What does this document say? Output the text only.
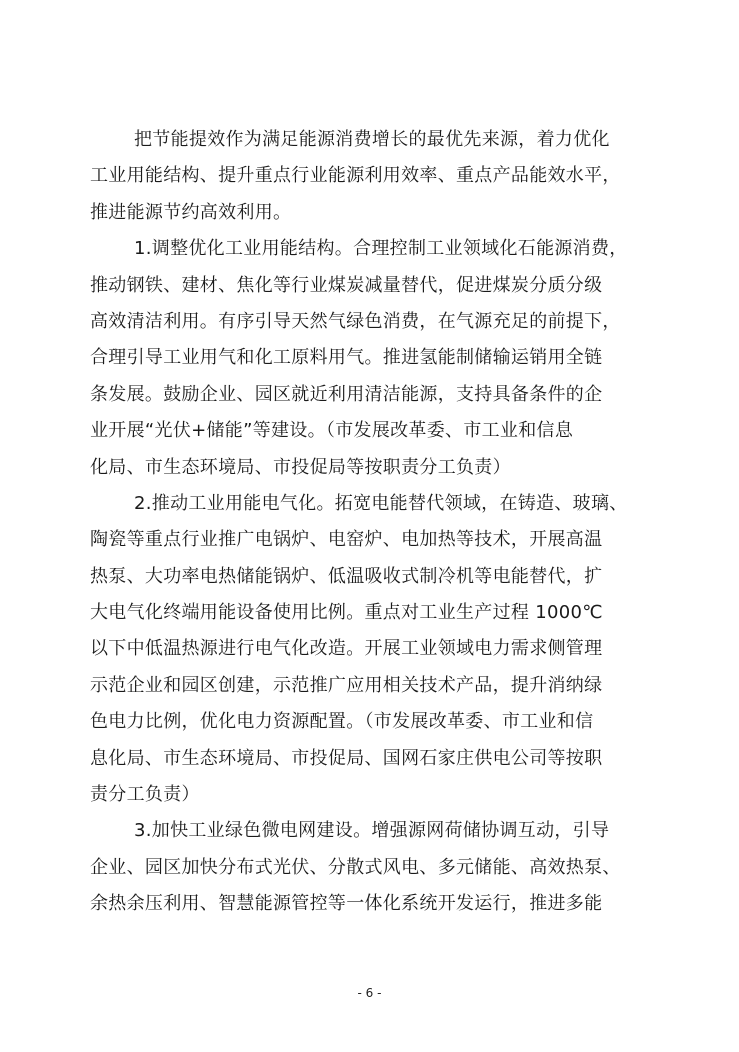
把节能提效作为满足能源消费增长的最优先来源，着力优化
工业用能结构、提升重点行业能源利用效率、重点产品能效水平，
推进能源节约高效利用。
1.调整优化工业用能结构。合理控制工业领域化石能源消费，
推动钢铁、建材、焦化等行业煤炭减量替代，促进煤炭分质分级
高效清洁利用。有序引导天然气绿色消费，在气源充足的前提下，
合理引导工业用气和化工原料用气。推进氢能制储输运销用全链
条发展。鼓励企业、园区就近利用清洁能源，支持具备条件的企
业开展“光伏+储能”等建设。（市发展改革委、市工业和信息
化局、市生态环境局、市投促局等按职责分工负责）
2.推动工业用能电气化。拓宽电能替代领域，在铸造、玻璃、
陶瓷等重点行业推广电锅炉、电窑炉、电加热等技术，开展高温
热泵、大功率电热储能锅炉、低温吸收式制冷机等电能替代，扩
大电气化终端用能设备使用比例。重点对工业生产过程 1000℃
以下中低温热源进行电气化改造。开展工业领域电力需求侧管理
示范企业和园区创建，示范推广应用相关技术产品，提升消纳绿
色电力比例，优化电力资源配置。（市发展改革委、市工业和信
息化局、市生态环境局、市投促局、国网石家庄供电公司等按职
责分工负责）
3.加快工业绿色微电网建设。增强源网荷储协调互动，引导
企业、园区加快分布式光伏、分散式风电、多元储能、高效热泵、
余热余压利用、智慧能源管控等一体化系统开发运行，推进多能
- 6 -
